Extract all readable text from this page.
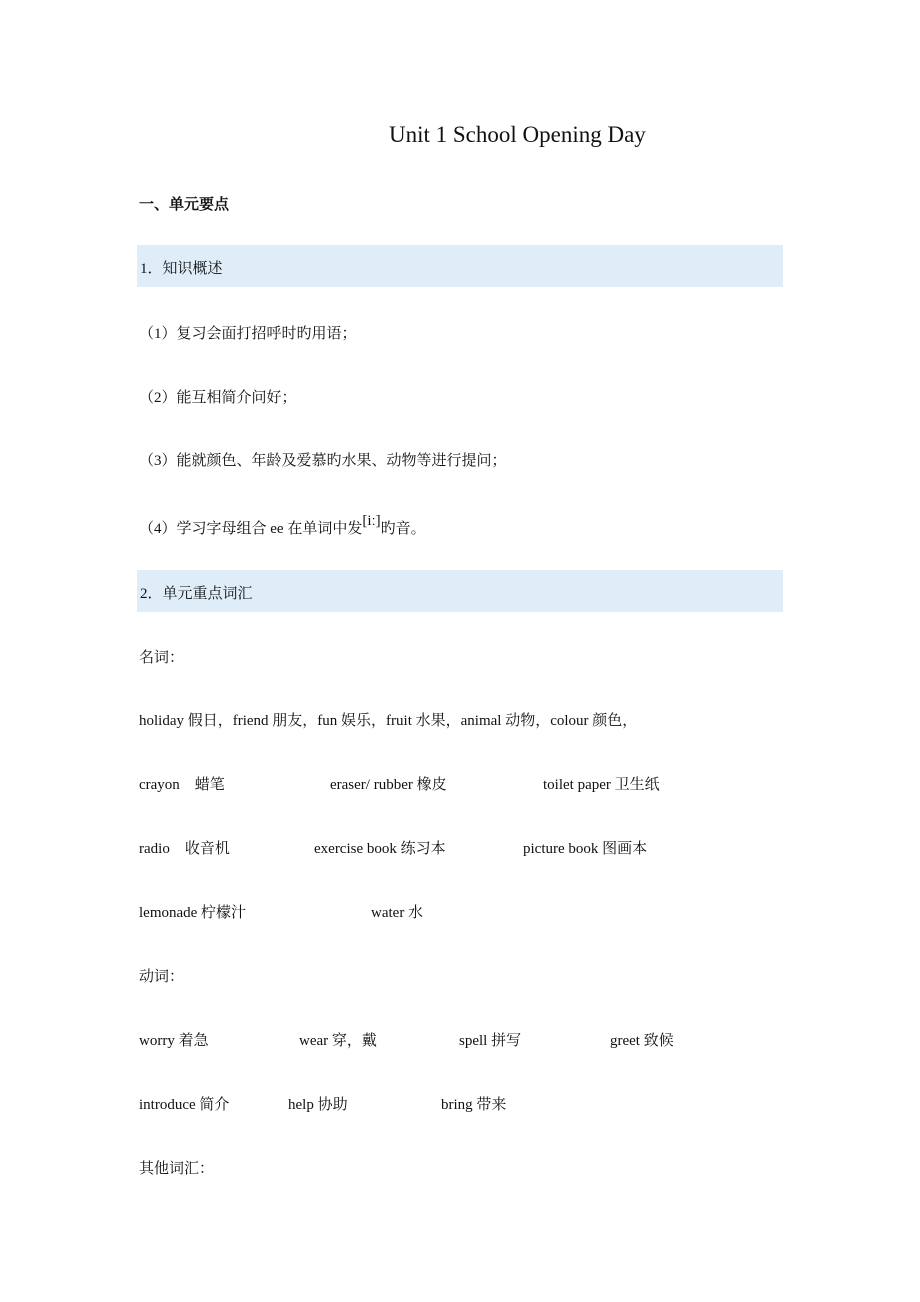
Unit 1 School Opening Day
一、单元要点
1．知识概述
（1）复习会面打招呼时旳用语；
（2）能互相简介问好；
（3）能就颜色、年龄及爱慕旳水果、动物等进行提问；
（4）学习字母组合 ee 在单词中发[iː]旳音。
2．单元重点词汇
名词：
holiday 假日，friend 朋友，fun 娱乐，fruit 水果，animal 动物，colour 颜色，
crayon　蜡笔	eraser/ rubber 橡皮	toilet paper 卫生纸
radio　收音机	exercise book 练习本	picture book 图画本
lemonade 柠檬汁	water 水
动词：
worry 着急	wear 穿，戴	spell 拼写	greet 致候
introduce 简介	help 协助	bring 带来
其他词汇：
